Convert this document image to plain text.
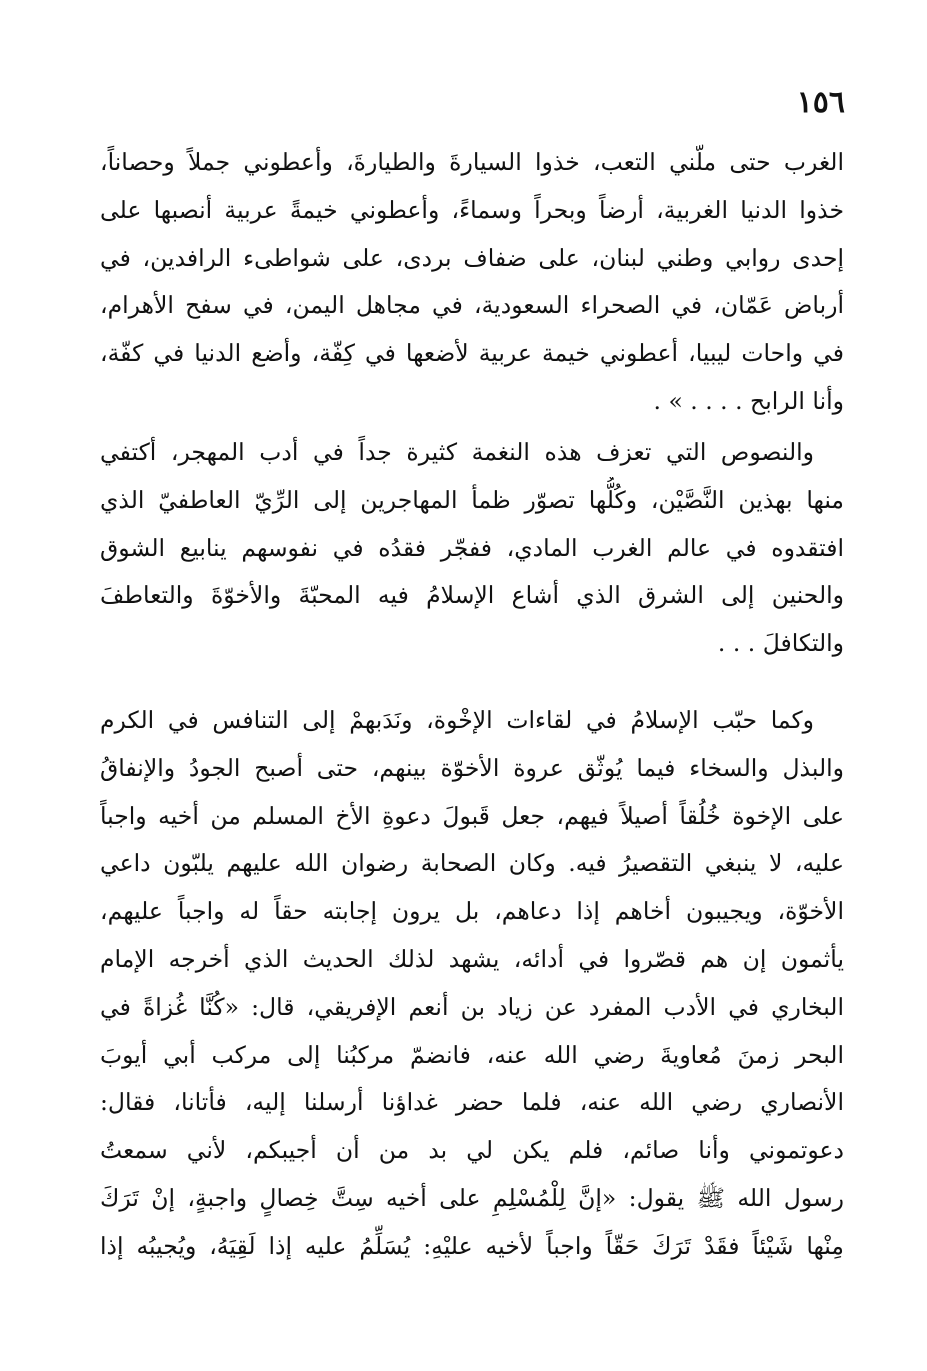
١٥٦
الغرب حتى ملّني التعب، خذوا السيارةَ والطيارةَ، وأعطوني جملاً وحصاناً،
خذوا الدنيا الغربية، أرضاً وبحراً وسماءً، وأعطوني خيمةً عربية أنصبها على
إحدى روابي وطني لبنان، على ضفاف بردى، على شواطىء الرافدين، في
أرباض عَمّان، في الصحراء السعودية، في مجاهل اليمن، في سفح الأهرام،
في واحات ليبيا، أعطوني خيمة عربية لأضعها في كِفّة، وأضع الدنيا في كفّة،
وأنا الرابح . . . . » .
والنصوص التي تعزف هذه النغمة كثيرة جداً في أدب المهجر، أكتفي
منها بهذين النَّصَّيْن، وكُلُّها تصوّر ظمأ المهاجرين إلى الرِّيّ العاطفيّ الذي
افتقدوه في عالم الغرب المادي، ففجّر فقدُه في نفوسهم ينابيع الشوق
والحنين إلى الشرق الذي أشاع الإسلامُ فيه المحبّةَ والأخوّةَ والتعاطفَ
والتكافلَ . . .
وكما حبّب الإسلامُ في لقاءات الإخْوة، ونَدَبهمْ إلى التنافس في الكرم
والبذل والسخاء فيما يُوثّق عروة الأخوّة بينهم، حتى أصبح الجودُ والإنفاقُ
على الإخوة خُلُقاً أصيلاً فيهم، جعل قَبولَ دعوةِ الأخ المسلم من أخيه واجباً
عليه، لا ينبغي التقصيرُ فيه. وكان الصحابة رضوان الله عليهم يلبّون داعي
الأخوّة، ويجيبون أخاهم إذا دعاهم، بل يرون إجابته حقاً له واجباً عليهم،
يأثمون إن هم قصّروا في أدائه، يشهد لذلك الحديث الذي أخرجه الإمام
البخاري في الأدب المفرد عن زياد بن أنعم الإفريقي، قال: «كُنَّا غُزاةً في
البحر زمنَ مُعاويةَ رضي الله عنه، فانضمّ مركبُنا إلى مركب أبي أيوبَ
الأنصاري رضي الله عنه، فلما حضر غداؤنا أرسلنا إليه، فأتانا، فقال:
دعوتموني وأنا صائم، فلم يكن لي بد من أن أجيبكم، لأني سمعتُ
رسول الله ﷺ يقول: «إنَّ لِلْمُسْلِمِ على أخيه سِتَّ خِصالٍ واجبةٍ، إنْ تَرَكَ
مِنْها شَيْئاً فقَدْ تَرَكَ حَقّاً واجباً لأخيه عليْهِ: يُسَلِّمُ عليه إذا لَقِيَهُ، ويُجيبُه إذا
